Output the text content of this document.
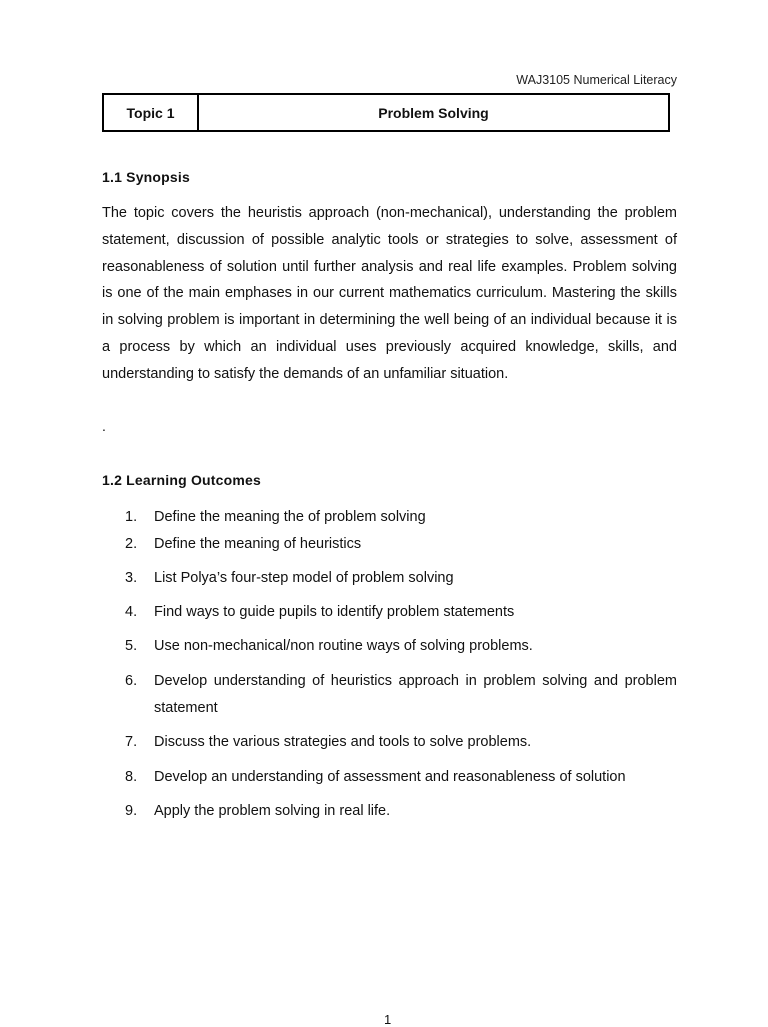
WAJ3105 Numerical Literacy
Topic 1	Problem Solving
1.1 Synopsis

The topic covers the heuristis approach (non-mechanical), understanding the problem statement, discussion of possible analytic tools or strategies to solve, assessment of reasonableness of solution until further analysis and real life examples. Problem solving is one of the main emphases in our current mathematics curriculum. Mastering the skills in solving problem is important in determining the well being of an individual because it is a process by which an individual uses previously acquired knowledge, skills, and understanding to satisfy the demands of an unfamiliar situation.

.
1.2 Learning Outcomes
1.	Define the meaning the of problem solving
2.	Define the meaning of heuristics
3.	List Polya’s four-step model of problem solving
4.	Find ways to guide pupils to identify problem statements
5.	Use non-mechanical/non routine ways of solving problems.
6.	Develop understanding of heuristics approach in problem solving and problem statement
7.	Discuss the various strategies and tools to solve problems.
8.	Develop an understanding of assessment and reasonableness of solution
9.	Apply the problem solving in real life.
1
